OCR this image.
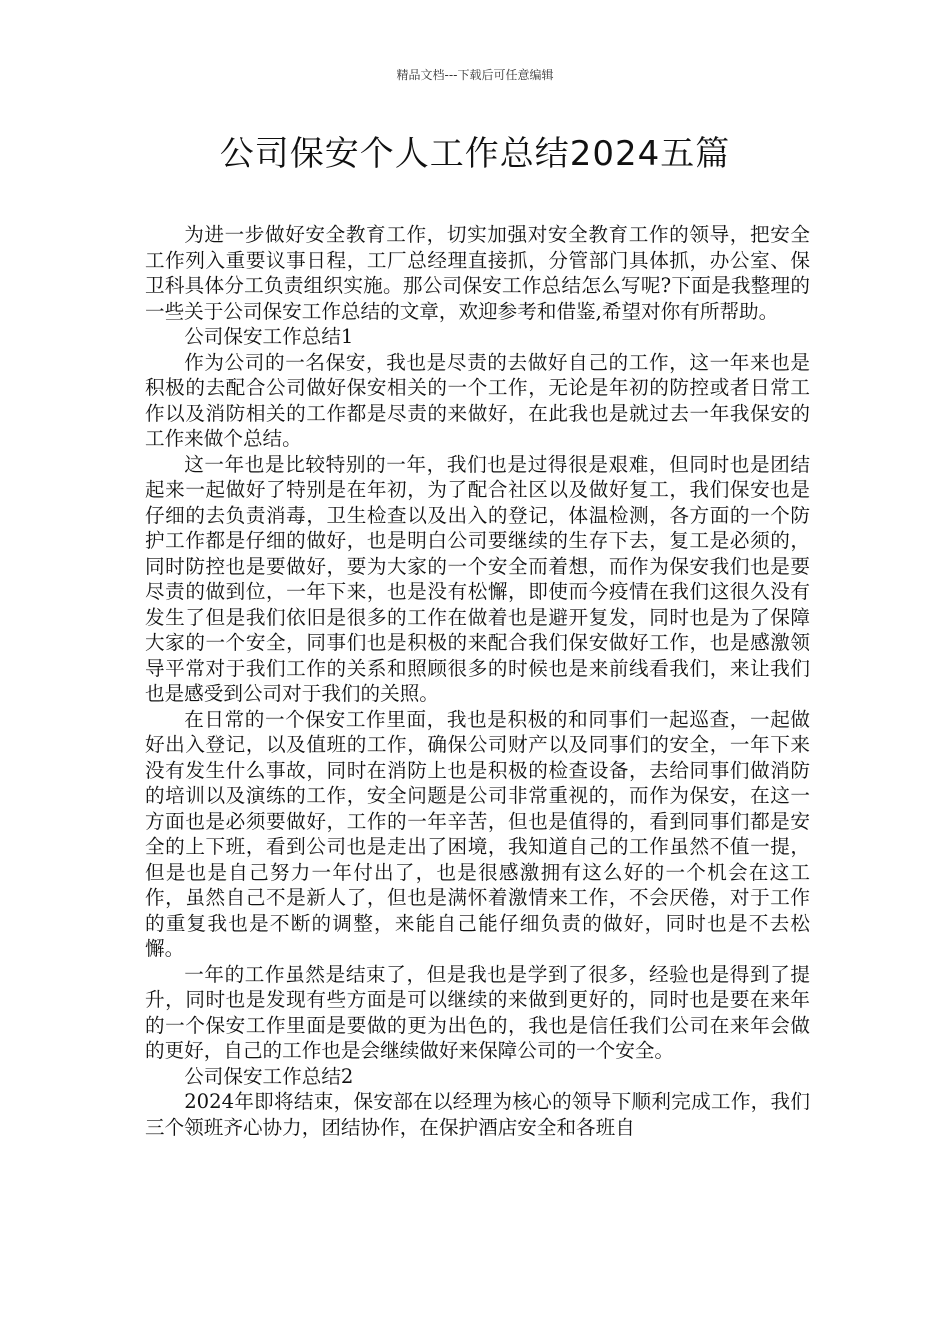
精品文档---下载后可任意编辑
公司保安个人工作总结2024五篇

为进一步做好安全教育工作，切实加强对安全教育工作的领导，把安全工作列入重要议事日程，工厂总经理直接抓，分管部门具体抓，办公室、保卫科具体分工负责组织实施。那公司保安工作总结怎么写呢?下面是我整理的一些关于公司保安工作总结的文章，欢迎参考和借鉴,希望对你有所帮助。

公司保安工作总结1

作为公司的一名保安，我也是尽责的去做好自己的工作，这一年来也是积极的去配合公司做好保安相关的一个工作，无论是年初的防控或者日常工作以及消防相关的工作都是尽责的来做好，在此我也是就过去一年我保安的工作来做个总结。

这一年也是比较特别的一年，我们也是过得很是艰难，但同时也是团结起来一起做好了特别是在年初，为了配合社区以及做好复工，我们保安也是仔细的去负责消毒，卫生检查以及出入的登记，体温检测，各方面的一个防护工作都是仔细的做好，也是明白公司要继续的生存下去，复工是必须的，同时防控也是要做好，要为大家的一个安全而着想，而作为保安我们也是要尽责的做到位，一年下来，也是没有松懈，即使而今疫情在我们这很久没有发生了但是我们依旧是很多的工作在做着也是避开复发，同时也是为了保障大家的一个安全，同事们也是积极的来配合我们保安做好工作，也是感激领导平常对于我们工作的关系和照顾很多的时候也是来前线看我们，来让我们也是感受到公司对于我们的关照。

在日常的一个保安工作里面，我也是积极的和同事们一起巡查，一起做好出入登记，以及值班的工作，确保公司财产以及同事们的安全，一年下来没有发生什么事故，同时在消防上也是积极的检查设备，去给同事们做消防的培训以及演练的工作，安全问题是公司非常重视的，而作为保安，在这一方面也是必须要做好，工作的一年辛苦，但也是值得的，看到同事们都是安全的上下班，看到公司也是走出了困境，我知道自己的工作虽然不值一提，但是也是自己努力一年付出了，也是很感激拥有这么好的一个机会在这工作，虽然自己不是新人了，但也是满怀着激情来工作，不会厌倦，对于工作的重复我也是不断的调整，来能自己能仔细负责的做好，同时也是不去松懈。

一年的工作虽然是结束了，但是我也是学到了很多，经验也是得到了提升，同时也是发现有些方面是可以继续的来做到更好的，同时也是要在来年的一个保安工作里面是要做的更为出色的，我也是信任我们公司在来年会做的更好，自己的工作也是会继续做好来保障公司的一个安全。

公司保安工作总结2

2024年即将结束，保安部在以经理为核心的领导下顺利完成工作，我们三个领班齐心协力，团结协作，在保护酒店安全和各班自
